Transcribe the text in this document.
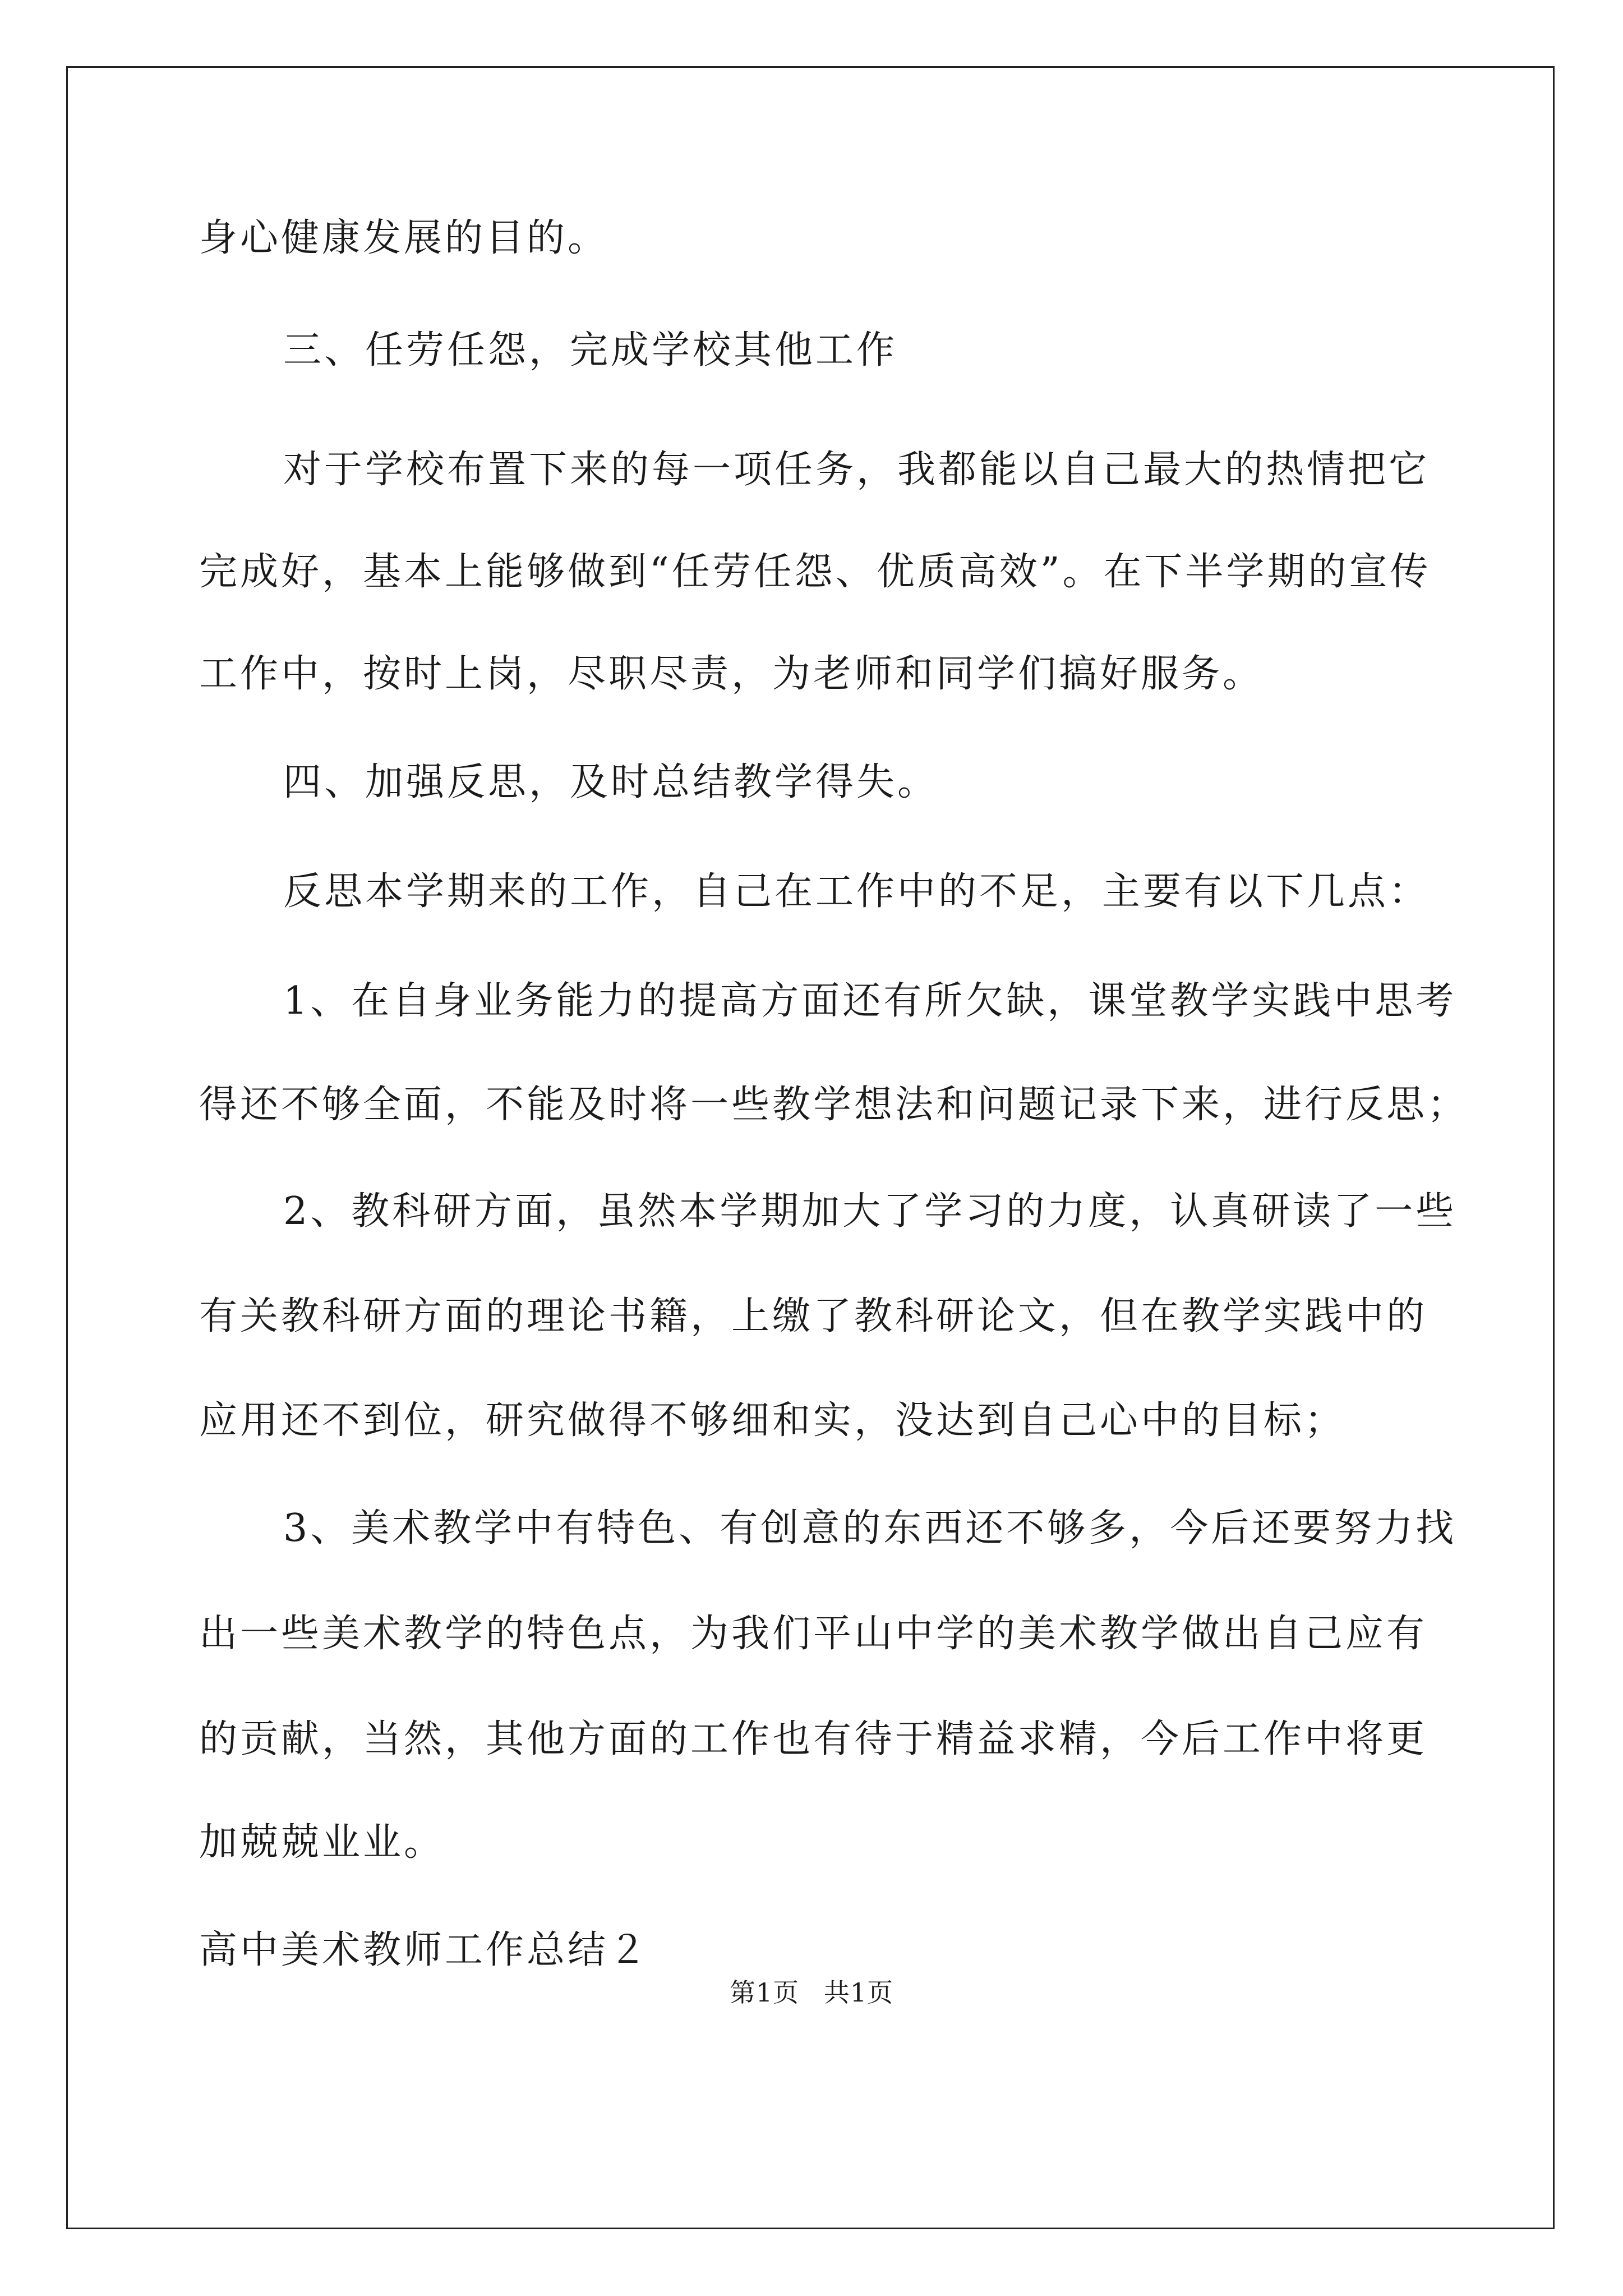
身心健康发展的目的。
三、任劳任怨，完成学校其他工作
对于学校布置下来的每一项任务，我都能以自己最大的热情把它
完成好，基本上能够做到“任劳任怨、优质高效”。在下半学期的宣传
工作中，按时上岗，尽职尽责，为老师和同学们搞好服务。
四、加强反思，及时总结教学得失。
反思本学期来的工作，自己在工作中的不足，主要有以下几点：
1、在自身业务能力的提高方面还有所欠缺，课堂教学实践中思考
得还不够全面，不能及时将一些教学想法和问题记录下来，进行反思；
2、教科研方面，虽然本学期加大了学习的力度，认真研读了一些
有关教科研方面的理论书籍，上缴了教科研论文，但在教学实践中的
应用还不到位，研究做得不够细和实，没达到自己心中的目标；
3、美术教学中有特色、有创意的东西还不够多，今后还要努力找
出一些美术教学的特色点，为我们平山中学的美术教学做出自己应有
的贡献，当然，其他方面的工作也有待于精益求精，今后工作中将更
加兢兢业业。
高中美术教师工作总结２
第1页 共1页
